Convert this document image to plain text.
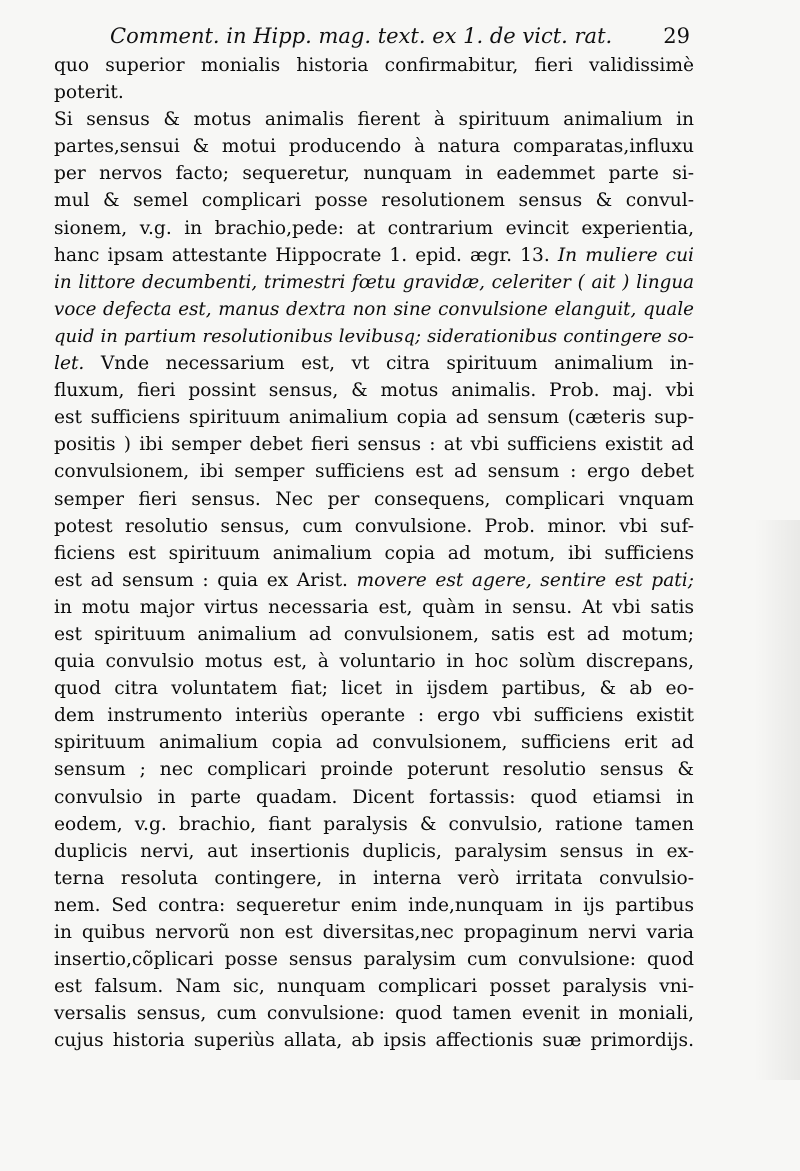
Comment. in Hipp. mag. text. ex 1. de vict. rat. 29
quo superior monialis historia confirmabitur, fieri validissimè
poterit.
Si sensus & motus animalis fierent à spirituum animalium in
partes,sensui & motui producendo à natura comparatas,influxu
per nervos facto; sequeretur, nunquam in eademmet parte si-
mul & semel complicari posse resolutionem sensus & convul-
sionem, v.g. in brachio,pede: at contrarium evincit experientia,
hanc ipsam attestante Hippocrate 1. epid. ægr. 13. In muliere cui
in littore decumbenti, trimestri fœtu gravidæ, celeriter ( ait ) lingua
voce defecta est, manus dextra non sine convulsione elanguit, quale
quid in partium resolutionibus levibusq; siderationibus contingere so-
let. Vnde necessarium est, vt citra spirituum animalium in-
fluxum, fieri possint sensus, & motus animalis. Prob. maj. vbi
est sufficiens spirituum animalium copia ad sensum (cæteris sup-
positis ) ibi semper debet fieri sensus : at vbi sufficiens existit ad
convulsionem, ibi semper sufficiens est ad sensum : ergo debet
semper fieri sensus. Nec per consequens, complicari vnquam
potest resolutio sensus, cum convulsione. Prob. minor. vbi suf-
ficiens est spirituum animalium copia ad motum, ibi sufficiens
est ad sensum : quia ex Arist. movere est agere, sentire est pati;
in motu major virtus necessaria est, quàm in sensu. At vbi satis
est spirituum animalium ad convulsionem, satis est ad motum;
quia convulsio motus est, à voluntario in hoc solùm discrepans,
quod citra voluntatem fiat; licet in ijsdem partibus, & ab eo-
dem instrumento interiùs operante : ergo vbi sufficiens existit
spirituum animalium copia ad convulsionem, sufficiens erit ad
sensum ; nec complicari proinde poterunt resolutio sensus &
convulsio in parte quadam. Dicent fortassis: quod etiamsi in
eodem, v.g. brachio, fiant paralysis & convulsio, ratione tamen
duplicis nervi, aut insertionis duplicis, paralysim sensus in ex-
terna resoluta contingere, in interna verò irritata convulsio-
nem. Sed contra: sequeretur enim inde,nunquam in ijs partibus
in quibus nervorũ non est diversitas,nec propaginum nervi varia
insertio,cõplicari posse sensus paralysim cum convulsione: quod
est falsum. Nam sic, nunquam complicari posset paralysis vni-
versalis sensus, cum convulsione: quod tamen evenit in moniali,
cujus historia superiùs allata, ab ipsis affectionis suæ primordijs.
